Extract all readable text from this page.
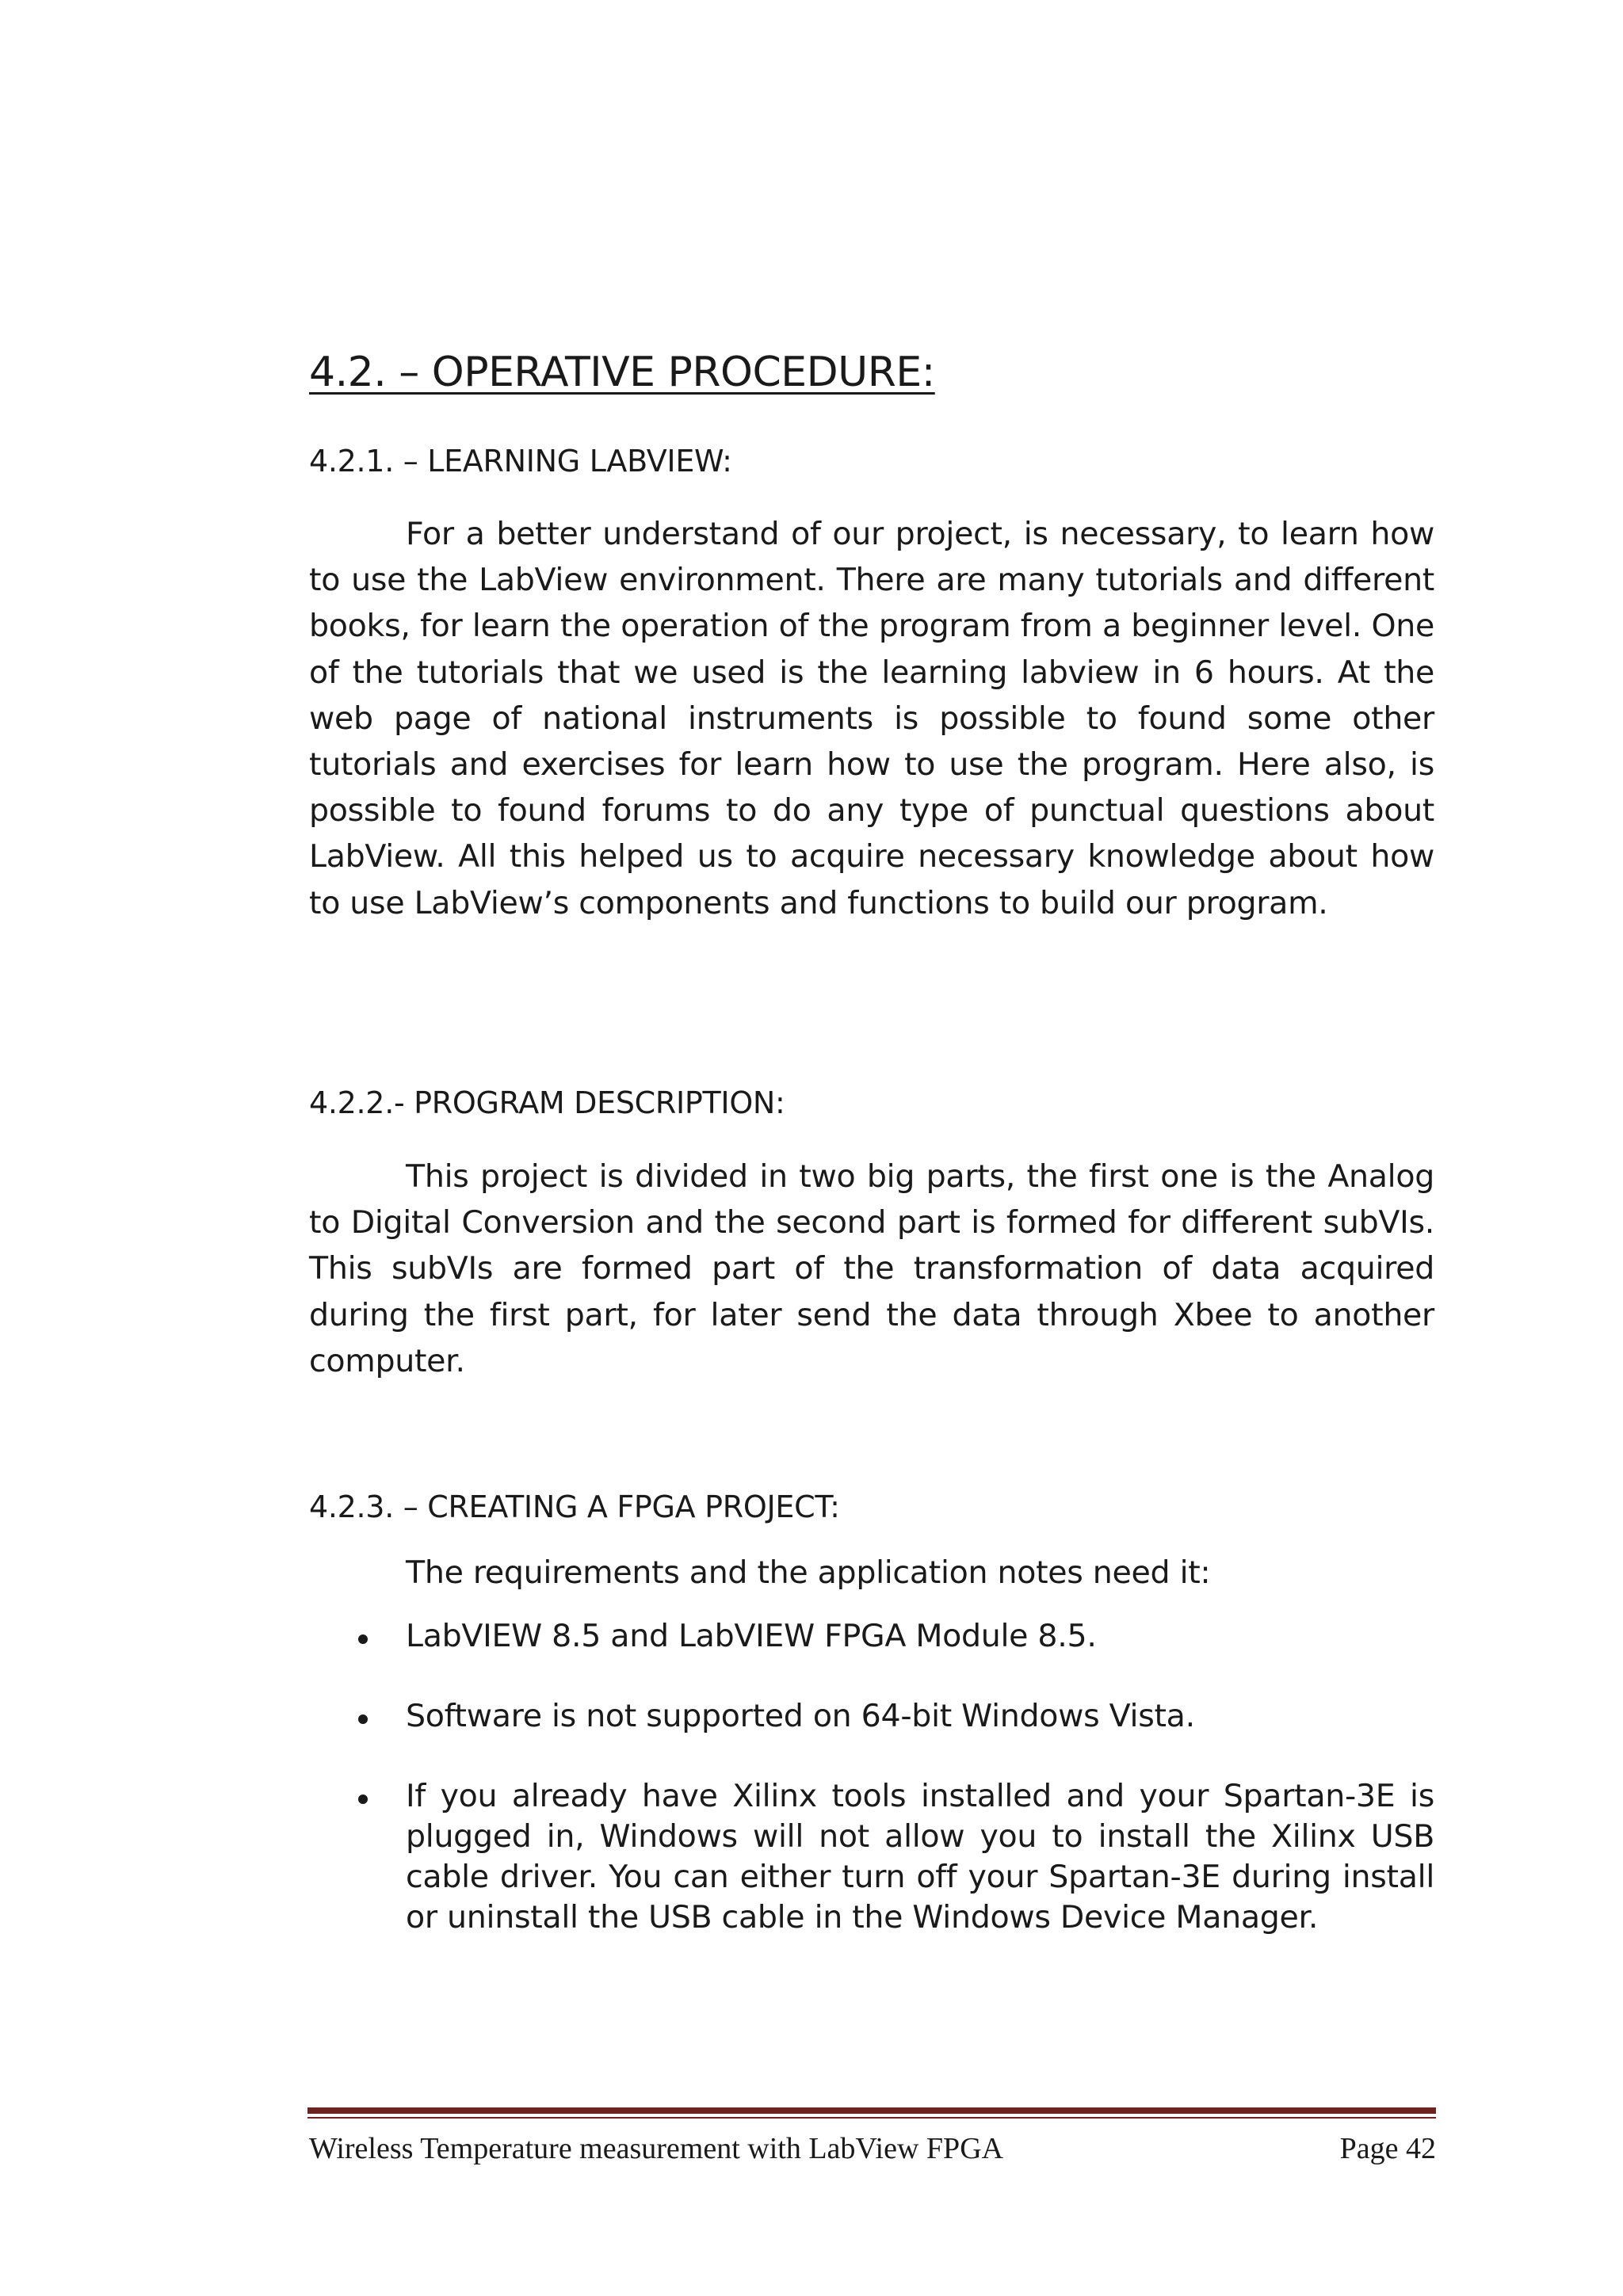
4.2. – OPERATIVE PROCEDURE:
4.2.1. – LEARNING LABVIEW:

For a better understand of our project, is necessary, to learn how to use the LabView environment. There are many tutorials and different books, for learn the operation of the program from a beginner level. One of the tutorials that we used is the learning labview in 6 hours. At the web page of national instruments is possible to found some other tutorials and exercises for learn how to use the program. Here also, is possible to found forums to do any type of punctual questions about LabView. All this helped us to acquire necessary knowledge about how to use LabView’s components and functions to build our program.

4.2.2.- PROGRAM DESCRIPTION:

This project is divided in two big parts, the first one is the Analog to Digital Conversion and the second part is formed for different subVIs. This subVIs are formed part of the transformation of data acquired during the first part, for later send the data through Xbee to another computer.

4.2.3. – CREATING A FPGA PROJECT:

The requirements and the application notes need it:

LabVIEW 8.5 and LabVIEW FPGA Module 8.5.
Software is not supported on 64-bit Windows Vista.
If you already have Xilinx tools installed and your Spartan-3E is plugged in, Windows will not allow you to install the Xilinx USB cable driver. You can either turn off your Spartan-3E during install or uninstall the USB cable in the Windows Device Manager.

Wireless Temperature measurement with LabView FPGA	Page 42
